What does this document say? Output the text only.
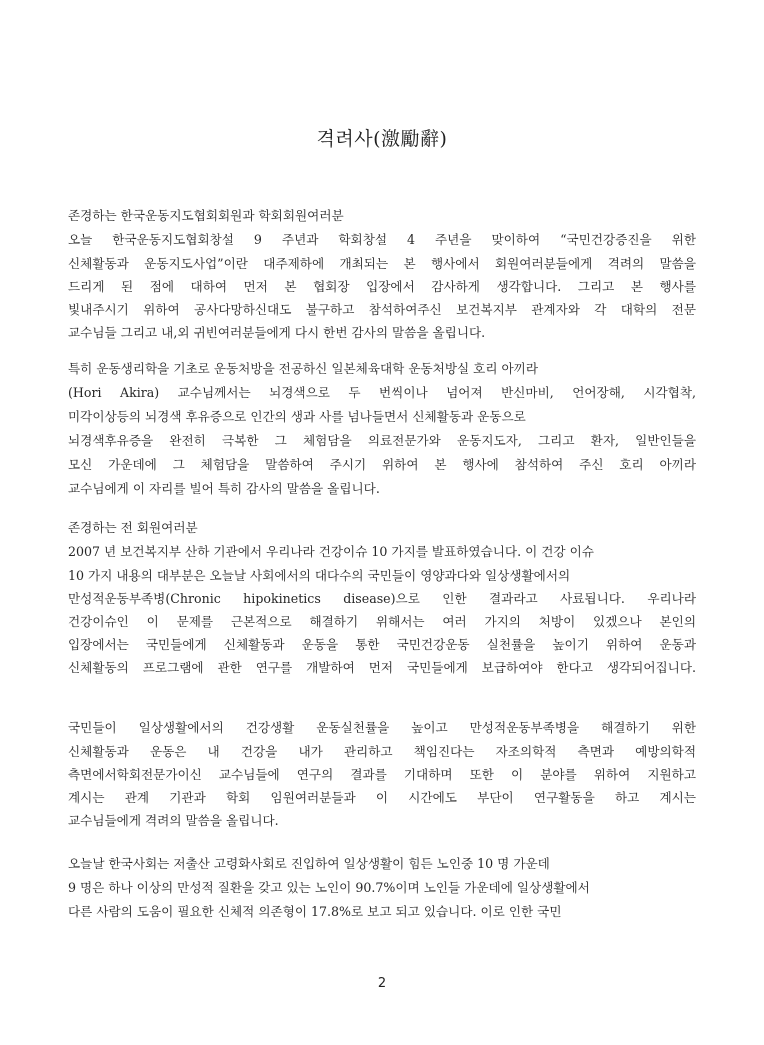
격려사(激勵辭)
존경하는 한국운동지도협회회원과 학회회원여러분
오늘 한국운동지도협회창설 9 주년과 학회창설 4 주년을 맞이하여 “국민건강증진을 위한
신체활동과 운동지도사업”이란 대주제하에 개최되는 본 행사에서 회원여러분들에게 격려의 말씀을
드리게 된 점에 대하여 먼저 본 협회장 입장에서 감사하게 생각합니다. 그리고 본 행사를
빛내주시기 위하여 공사다망하신대도 불구하고 참석하여주신 보건복지부 관계자와 각 대학의 전문
교수님들 그리고 내,외 귀빈여러분들에게 다시 한번 감사의 말씀을 올립니다.
특히 운동생리학을 기초로 운동처방을 전공하신 일본체육대학 운동처방실 호리 아끼라
(Hori Akira) 교수님께서는 뇌경색으로 두 번씩이나 넘어져 반신마비, 언어장해, 시각협착,
미각이상등의 뇌경색 후유증으로 인간의 생과 사를 넘나들면서 신체활동과 운동으로
뇌경색후유증을 완전히 극복한 그 체험담을 의료전문가와 운동지도자, 그리고 환자, 일반인들을
모신 가운데에 그 체험담을 말씀하여 주시기 위하여 본 행사에 참석하여 주신 호리 아끼라
교수님에게 이 자리를 빌어 특히 감사의 말씀을 올립니다.
존경하는 전 회원여러분
2007 년 보건복지부 산하 기관에서 우리나라 건강이슈 10 가지를 발표하였습니다. 이 건강 이슈
10 가지 내용의 대부분은 오늘날 사회에서의 대다수의 국민들이 영양과다와 일상생활에서의
만성적운동부족병(Chronic hipokinetics disease)으로 인한 결과라고 사료됩니다. 우리나라
건강이슈인 이 문제를 근본적으로 해결하기 위해서는 여러 가지의 처방이 있겠으나 본인의
입장에서는 국민들에게 신체활동과 운동을 통한 국민건강운동 실천률을 높이기 위하여 운동과
신체활동의 프로그램에 관한 연구를 개발하여 먼저 국민들에게 보급하여야 한다고 생각되어집니다.
국민들이 일상생활에서의 건강생활 운동실천률을 높이고 만성적운동부족병을 해결하기 위한
신체활동과 운동은 내 건강을 내가 관리하고 책임진다는 자조의학적 측면과 예방의학적
측면에서학회전문가이신 교수님들에 연구의 결과를 기대하며 또한 이 분야를 위하여 지원하고
계시는 관계 기관과 학회 임원여러분들과 이 시간에도 부단이 연구활동을 하고 계시는
교수님들에게 격려의 말씀을 올립니다.
오늘날 한국사회는 저출산 고령화사회로 진입하여 일상생활이 힘든 노인중 10 명 가운데
9 명은 하나 이상의 만성적 질환을 갖고 있는 노인이 90.7%이며 노인들 가운데에 일상생활에서
다른 사람의 도움이 필요한 신체적 의존형이 17.8%로 보고 되고 있습니다. 이로 인한 국민
2
